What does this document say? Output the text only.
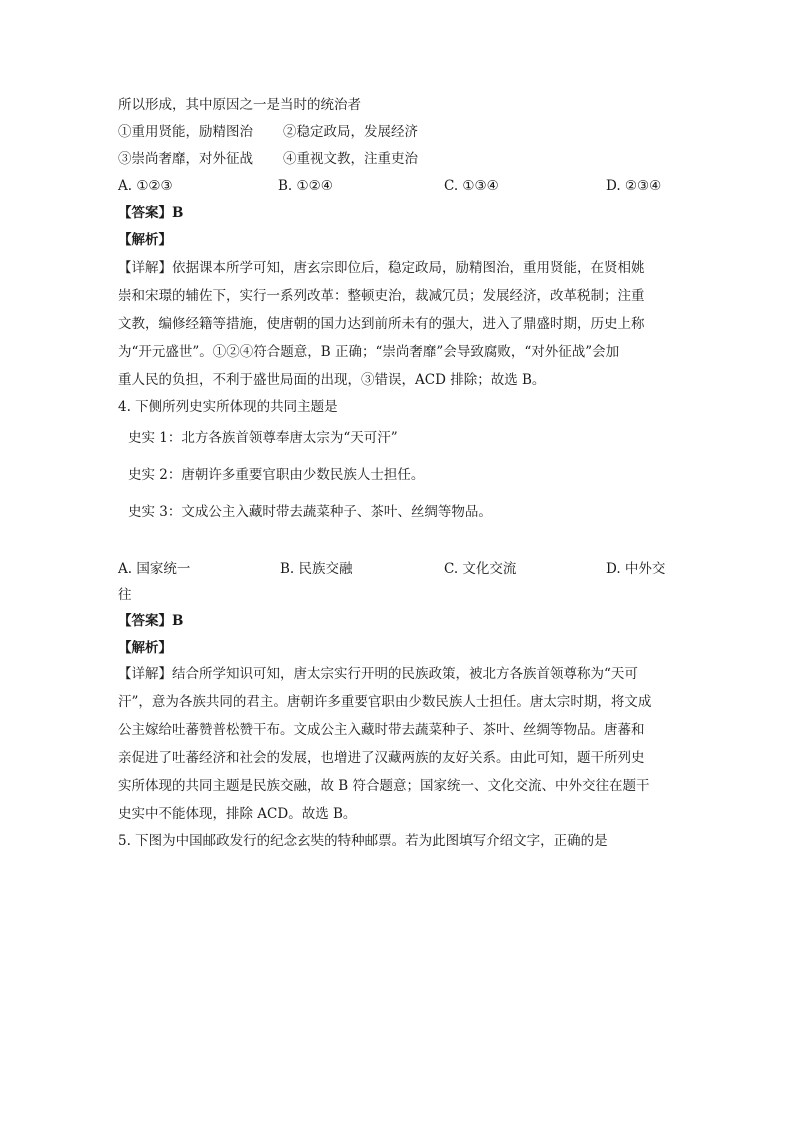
所以形成，其中原因之一是当时的统治者
①重用贤能，励精图治 ②稳定政局，发展经济
③崇尚奢靡，对外征战 ④重视文教，注重吏治
A. ①②③	B. ①②④	C. ①③④	D. ②③④
【答案】B
【解析】
【详解】依据课本所学可知，唐玄宗即位后，稳定政局，励精图治，重用贤能，在贤相姚
崇和宋璟的辅佐下，实行一系列改革：整顿吏治，裁减冗员；发展经济，改革税制；注重
文教，编修经籍等措施，使唐朝的国力达到前所未有的强大，进入了鼎盛时期，历史上称
为“开元盛世”。①②④符合题意，B 正确；“崇尚奢靡”会导致腐败，“对外征战”会加
重人民的负担，不利于盛世局面的出现，③错误，ACD 排除；故选 B。
4. 下侧所列史实所体现的共同主题是
史实 1：北方各族首领尊奉唐太宗为“天可汗”
史实 2：唐朝许多重要官职由少数民族人士担任。
史实 3：文成公主入藏时带去蔬菜种子、茶叶、丝绸等物品。
A. 国家统一	B. 民族交融	C. 文化交流	D. 中外交
往
【答案】B
【解析】
【详解】结合所学知识可知，唐太宗实行开明的民族政策，被北方各族首领尊称为“天可
汗”，意为各族共同的君主。唐朝许多重要官职由少数民族人士担任。唐太宗时期，将文成
公主嫁给吐蕃赞普松赞干布。文成公主入藏时带去蔬菜种子、茶叶、丝绸等物品。唐蕃和
亲促进了吐蕃经济和社会的发展，也增进了汉藏两族的友好关系。由此可知，题干所列史
实所体现的共同主题是民族交融，故 B 符合题意；国家统一、文化交流、中外交往在题干
史实中不能体现，排除 ACD。故选 B。
5. 下图为中国邮政发行的纪念玄奘的特种邮票。若为此图填写介绍文字，正确的是
